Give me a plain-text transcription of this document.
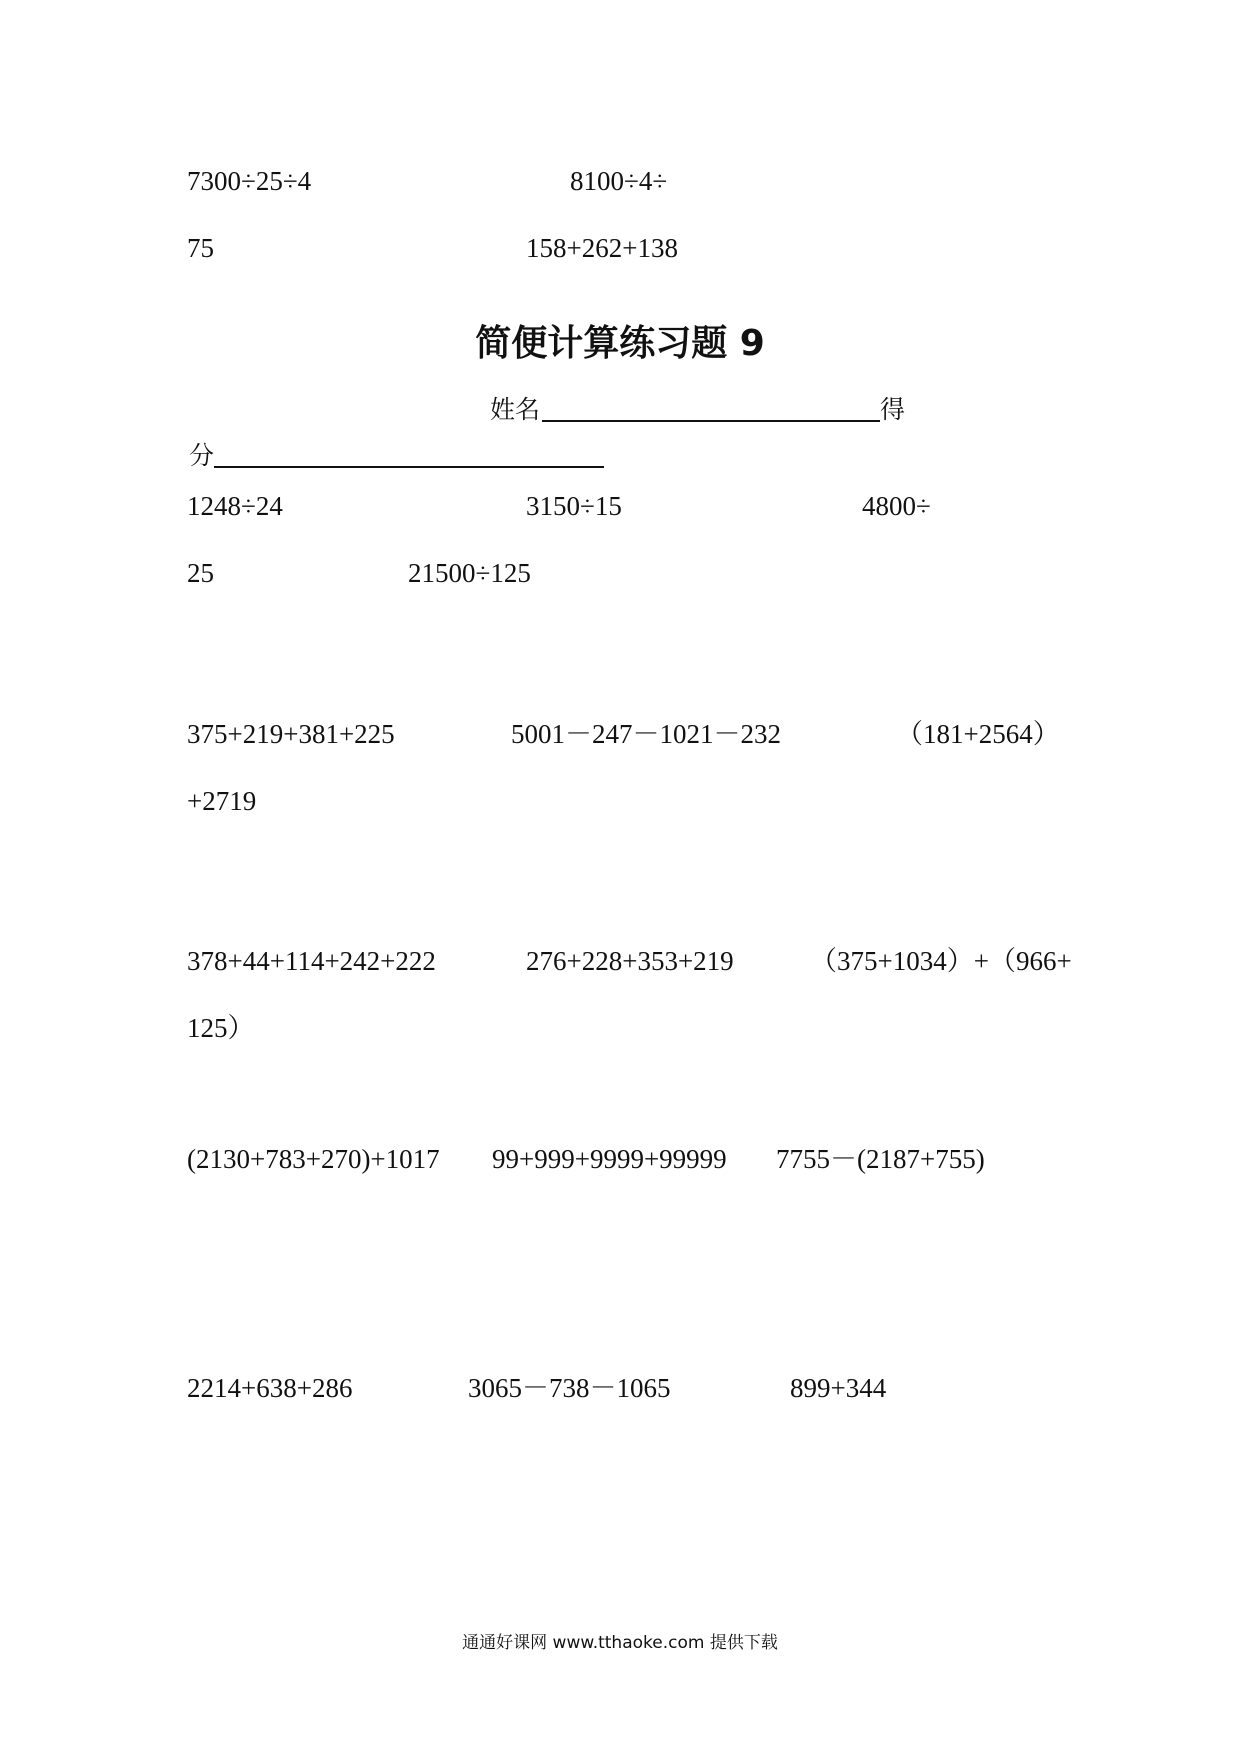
7300÷25÷4	8100÷4÷
75	158+262+138
简便计算练习题 9
姓名	得
分
1248÷24	3150÷15	4800÷
25	21500÷125
375+219+381+225	5001－247－1021－232	（181+2564）
+2719
378+44+114+242+222	276+228+353+219	（375+1034）+（966+
125）
(2130+783+270)+1017 99+999+9999+99999 7755－(2187+755)
2214+638+286	3065－738－1065	899+344
通通好课网 www.tthaoke.com 提供下载
